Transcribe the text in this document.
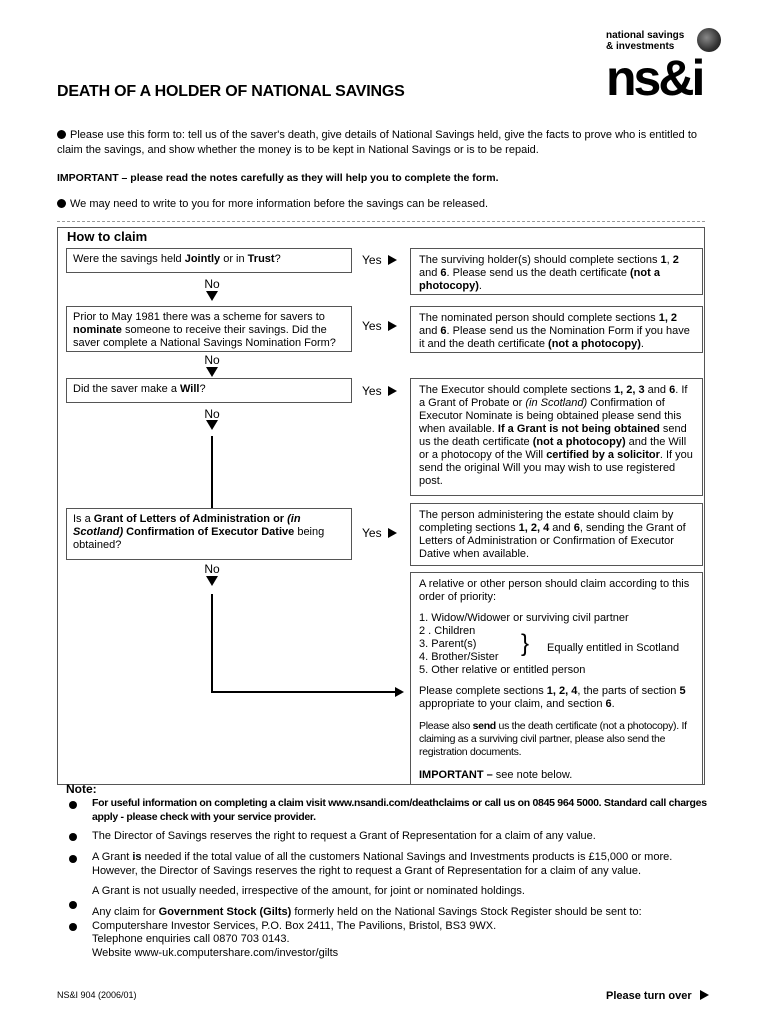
national savings
& investments
ns&i
DEATH OF A HOLDER OF NATIONAL SAVINGS
Please use this form to: tell us of the saver's death, give details of National Savings held, give the facts to prove who is entitled to claim the savings, and show whether the money is to be kept in National Savings or is to be repaid.
IMPORTANT – please read the notes carefully as they will help you to complete the form.
We may need to write to you for more information before the savings can be released.
How to claim
Were the savings held Jointly or in Trust?	Yes	The surviving holder(s) should complete sections 1, 2 and 6. Please send us the death certificate (not a photocopy).
No
Prior to May 1981 there was a scheme for savers to nominate someone to receive their savings. Did the saver complete a National Savings Nomination Form?
Yes
The nominated person should complete sections 1, 2 and 6. Please send us the Nomination Form if you have it and the death certificate (not a photocopy).
No
Did the saver make a Will?	Yes	The Executor should complete sections 1, 2, 3 and 6. If a Grant of Probate or (in Scotland) Confirmation of Executor Nominate is being obtained please send this when available. If a Grant is not being obtained send us the death certificate (not a photocopy) and the Will or a photocopy of the Will certified by a solicitor. If you send the original Will you may wish to use registered post.
No
Is a Grant of Letters of Administration or (in Scotland) Confirmation of Executor Dative being obtained?
Yes
The person administering the estate should claim by completing sections 1, 2, 4 and 6, sending the Grant of Letters of Administration or Confirmation of Executor Dative when available.
No
A relative or other person should claim according to this order of priority:
1. Widow/Widower or surviving civil partner
2 . Children
3. Parent(s)
4. Brother/Sister
5. Other relative or entitled person
} Equally entitled in Scotland
Please complete sections 1, 2, 4, the parts of section 5 appropriate to your claim, and section 6.
Please also send us the death certificate (not a photocopy). If claiming as a surviving civil partner, please also send the registration documents.
IMPORTANT – see note below.
Note:
For useful information on completing a claim visit www.nsandi.com/deathclaims or call us on 0845 964 5000. Standard call charges apply - please check with your service provider.
The Director of Savings reserves the right to request a Grant of Representation for a claim of any value.
A Grant is needed if the total value of all the customers National Savings and Investments products is £15,000 or more. However, the Director of Savings reserves the right to request a Grant of Representation for a claim of any value.
A Grant is not usually needed, irrespective of the amount, for joint or nominated holdings.
Any claim for Government Stock (Gilts) formerly held on the National Savings Stock Register should be sent to:
Computershare Investor Services, P.O. Box 2411, The Pavilions, Bristol, BS3 9WX.
Telephone enquiries call 0870 703 0143.
Website www-uk.computershare.com/investor/gilts
NS&I 904 (2006/01)	Please turn over
